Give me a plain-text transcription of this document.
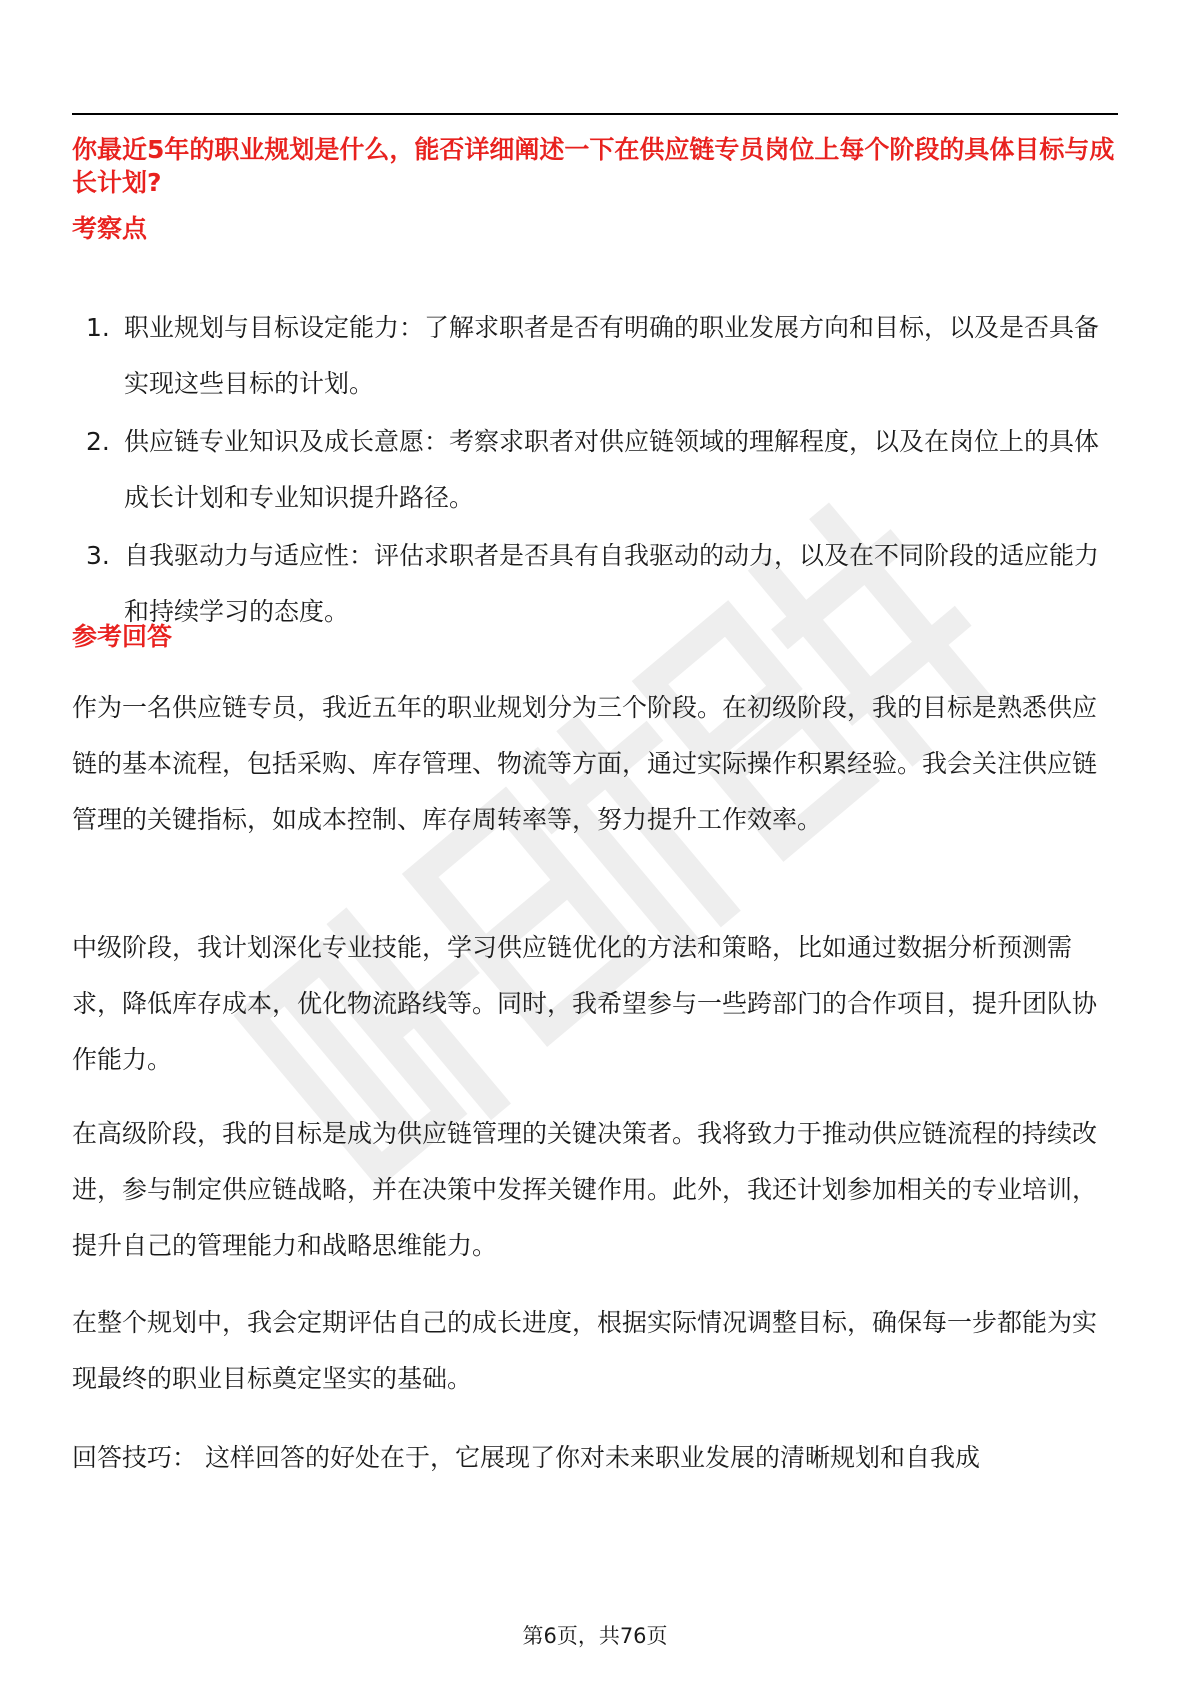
你最近5年的职业规划是什么，能否详细阐述一下在供应链专员岗位上每个阶段的具体目标与成长计划?
考察点
1. 职业规划与目标设定能力：了解求职者是否有明确的职业发展方向和目标，以及是否具备实现这些目标的计划。
2. 供应链专业知识及成长意愿：考察求职者对供应链领域的理解程度，以及在岗位上的具体成长计划和专业知识提升路径。
3. 自我驱动力与适应性：评估求职者是否具有自我驱动的动力，以及在不同阶段的适应能力和持续学习的态度。
参考回答

作为一名供应链专员，我近五年的职业规划分为三个阶段。在初级阶段，我的目标是熟悉供应链的基本流程，包括采购、库存管理、物流等方面，通过实际操作积累经验。我会关注供应链管理的关键指标，如成本控制、库存周转率等，努力提升工作效率。

中级阶段，我计划深化专业技能，学习供应链优化的方法和策略，比如通过数据分析预测需求，降低库存成本，优化物流路线等。同时，我希望参与一些跨部门的合作项目，提升团队协作能力。

在高级阶段，我的目标是成为供应链管理的关键决策者。我将致力于推动供应链流程的持续改进，参与制定供应链战略，并在决策中发挥关键作用。此外，我还计划参加相关的专业培训，提升自己的管理能力和战略思维能力。

在整个规划中，我会定期评估自己的成长进度，根据实际情况调整目标，确保每一步都能为实现最终的职业目标奠定坚实的基础。

回答技巧： 这样回答的好处在于，它展现了你对未来职业发展的清晰规划和自我成

第6页，共76页
